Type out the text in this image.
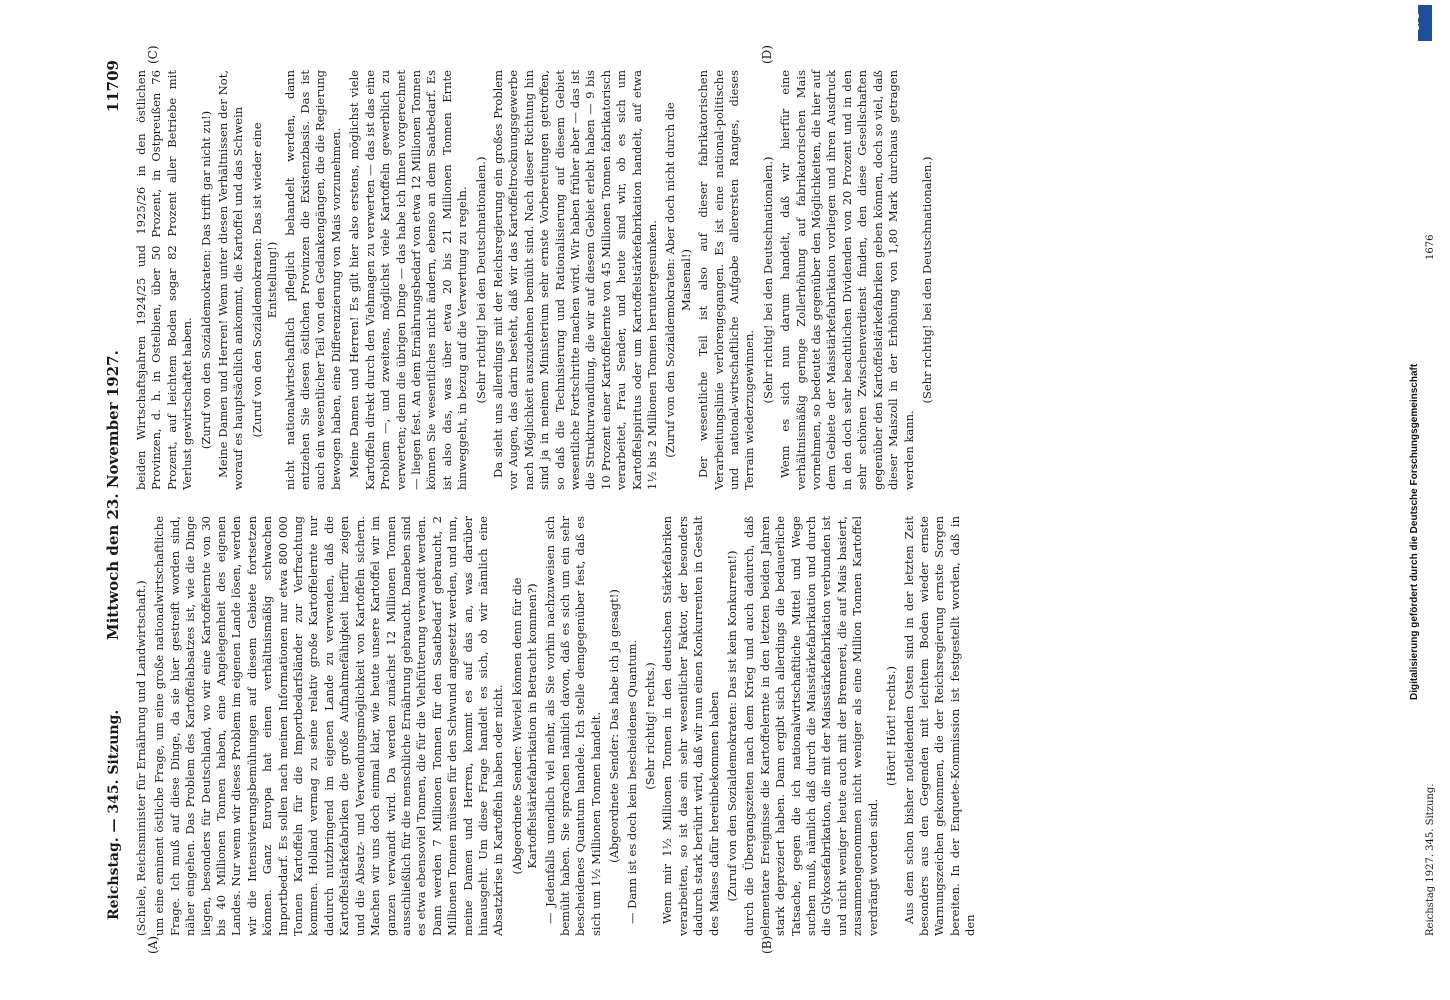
Reichstag. — 345. Sitzung.
Mittwoch den 23. November 1927.
11709
(A)	(B)
(C)	(D)

(Schiele, Reichsminister für Ernährung und Landwirtschaft.) um eine eminent östliche Frage, um eine große nationalwirtschaftliche Frage. Ich muß auf diese Dinge, da sie hier gestreift worden sind, näher eingehen. Das Problem des Kartoffelabsatzes ist, wie die Dinge liegen, besonders für Deutschland, wo wir eine Kartoffelernte von 30 bis 40 Millionen Tonnen haben, eine Angelegenheit des eigenen Landes. Nur wenn wir dieses Problem im eigenen Lande lösen, werden wir die Intensivierungsbemühungen auf diesem Gebiete fortsetzen können. Ganz Europa hat einen verhältnismäßig schwachen Importbedarf. Es sollen nach meinen Informationen nur etwa 800 000 Tonnen Kartoffeln für die Importbedarfsländer zur Verfrachtung kommen. Holland vermag zu seine relativ große Kartoffelernte nur dadurch nutzbringend im eigenen Lande zu verwenden, daß die Kartoffelstärkefabriken die große Aufnahmefähigkeit hierfür zeigen und die Absatz- und Verwendungsmöglichkeit von Kartoffeln sichern. Machen wir uns doch einmal klar, wie heute unsere Kartoffel wir im ganzen verwandt wird. Da werden zunächst 12 Millionen Tonnen ausschließlich für die menschliche Ernährung gebraucht. Daneben sind es etwa ebensoviel Tonnen, die für die Viehfütterung verwandt werden. Dann werden 7 Millionen Tonnen für den Saatbedarf gebraucht, 2 Millionen Tonnen müssen für den Schwund angesetzt werden, und nun, meine Damen und Herren, kommt es auf das an, was darüber hinausgeht. Um diese Frage handelt es sich, ob wir nämlich eine Absatzkrise in Kartoffeln haben oder nicht. (Abgeordnete Sender: Wieviel können denn für die Kartoffelstärkefabrikation in Betracht kommen?) — Jedenfalls unendlich viel mehr, als Sie vorhin nachzuweisen sich bemüht haben. Sie sprachen nämlich davon, daß es sich um ein sehr bescheidenes Quantum handele. Ich stelle demgegenüber fest, daß es sich um 1½ Millionen Tonnen handelt. (Abgeordnete Sender: Das habe ich ja gesagt!) — Dann ist es doch kein bescheidenes Quantum. (Sehr richtig! rechts.) Wenn mir 1½ Millionen Tonnen in den deutschen Stärkefabriken verarbeiten, so ist das ein sehr wesentlicher Faktor, der besonders dadurch stark berührt wird, daß wir nun einen Konkurrenten in Gestalt des Maises dafür hereinbekommen haben (Zuruf von den Sozialdemokraten: Das ist kein Konkurrent!) durch die Übergangszeiten nach dem Krieg und auch dadurch, daß elementare Ereignisse die Kartoffelernte in den letzten beiden Jahren stark depreziert haben. Dann ergibt sich allerdings die bedauerliche Tatsache, gegen die ich nationalwirtschaftliche Mittel und Wege suchen muß, nämlich daß durch die Maisstärkefabrikation und durch die Glykosefabrikation, die mit der Maisstärkefabrikation verbunden ist und nicht weniger heute auch mit der Brennerei, die auf Mais basiert, zusammengenommen nicht weniger als eine Million Tonnen Kartoffel verdrängt worden sind.

(Hört! Hört! rechts.) Aus dem schon bisher notleidenden Osten sind in der letzten Zeit besonders aus den Gegenden mit leichtem Boden wieder ernste Warnungszeichen gekommen, die der Reichsregierung ernste Sorgen bereiten. In der Enquete-Kommission ist festgestellt worden, daß in den

beiden Wirtschaftsjahren 1924/25 und 1925/26 in den östlichen Provinzen, d. h. in Ostelbien, über 50 Prozent, in Ostpreußen 76 Prozent, auf leichtem Boden sogar 82 Prozent aller Betriebe mit Verlust gewirtschaftet haben. (Zuruf von den Sozialdemokraten: Das trifft gar nicht zu!) Meine Damen und Herren! Wenn unter diesen Verhältnissen der Not, worauf es hauptsächlich ankommt, die Kartoffel und das Schwein (Zuruf von den Sozialdemokraten: Das ist wieder eine Entstellung!) nicht nationalwirtschaftlich pfleglich behandelt werden, dann entziehen Sie diesen östlichen Provinzen die Existenzbasis. Das ist auch ein wesentlicher Teil von den Gedankengängen, die die Regierung bewogen haben, eine Differenzierung von Mais vorzunehmen. Meine Damen und Herren! Es gilt hier also erstens, möglichst viele Kartoffeln direkt durch den Viehmagen zu verwerten — das ist das eine Problem —, und zweitens, möglichst viele Kartoffeln gewerblich zu verwerten; denn die übrigen Dinge — das habe ich Ihnen vorgerechnet — liegen fest. An dem Ernährungsbedarf von etwa 12 Millionen Tonnen können Sie wesentliches nicht ändern, ebenso an dem Saatbedarf. Es ist also das, was über etwa 20 bis 21 Millionen Tonnen Ernte hinweggeht, in bezug auf die Verwertung zu regeln. (Sehr richtig! bei den Deutschnationalen.) Da sieht uns allerdings mit der Reichsregierung ein großes Problem vor Augen, das darin besteht, daß wir das Kartoffeltrocknungsgewerbe nach Möglichkeit auszudehnen bemüht sind. Nach dieser Richtung hin sind ja in meinem Ministerium sehr ernste Vorbereitungen getroffen, so daß die Technisierung und Rationalisierung auf diesem Gebiet wesentliche Fortschritte machen wird. Wir haben früher aber — das ist die Strukturwandlung, die wir auf diesem Gebiet erlebt haben — 9 bis 10 Prozent einer Kartoffelernte von 45 Millionen Tonnen fabrikatorisch verarbeitet, Frau Sender, und heute sind wir, ob es sich um Kartoffelspiritus oder um Kartoffelstärkefabrikation handelt, auf etwa 1½ bis 2 Millionen Tonnen heruntergesunken. (Zuruf von den Sozialdemokraten: Aber doch nicht durch die Maisenal!) Der wesentliche Teil ist also auf dieser fabrikatorischen Verarbeitungslinie verlorengegangen. Es ist eine national-politische und national-wirtschaftliche Aufgabe allerersten Ranges, dieses Terrain wiederzugewinnen.

(Sehr richtig! bei den Deutschnationalen.) Wenn es sich nun darum handelt, daß wir hierfür eine verhältnismäßig geringe Zollerhöhung auf fabrikatorischen Mais vornehmen, so bedeutet das gegenüber den Möglichkeiten, die hier auf dem Gebiete der Maisstärkefabrikation vorliegen und ihren Ausdruck in den doch sehr beachtlichen Dividenden von 20 Prozent und in den sehr schönen Zwischenverdienst finden, den diese Gesellschaften gegenüber den Kartoffelstärkefabriken geben können, doch so viel, daß dieser Maiszoll in der Erhöhung von 1,80 Mark durchaus getragen werden kann.

(Sehr richtig! bei den Deutschnationalen.)

Reichstag 1927. 345. Sitzung.
1676
Digitalisierung gefördert durch die Deutsche Forschungsgemeinschaft
DFG
